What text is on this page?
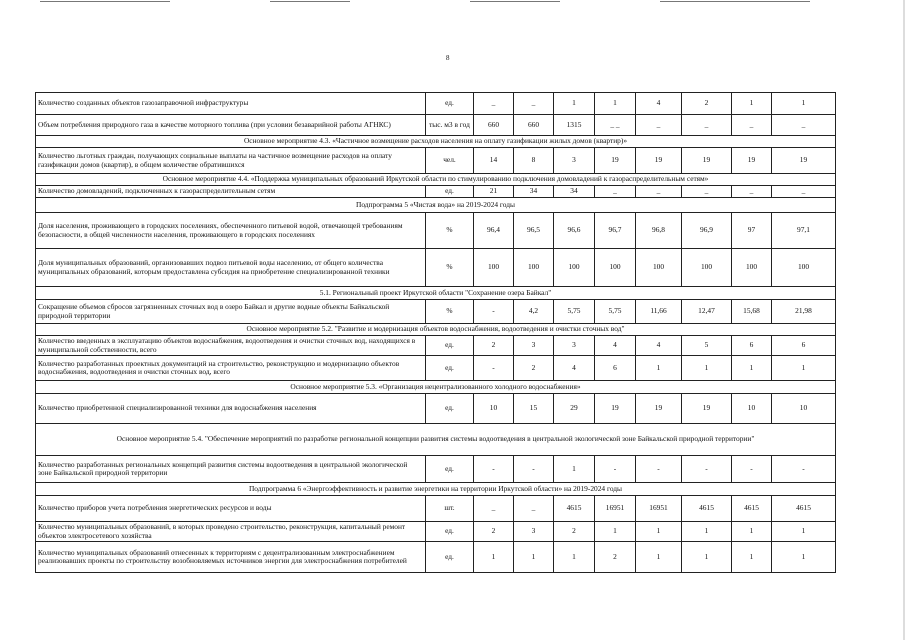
8
Количество созданных объектов газозаправочной инфраструктуры	ед.	_	_	1	1	4	2	1	1
Объем потребления природного газа в качестве моторного топлива (при условии безаварийной работы АГНКС)	тыс. м3 в год	660	660	1315	_ _	_	_	_	_
Основное мероприятие 4.3. «Частичное возмещение расходов населения на оплату газификации жилых домов (квартир)»									
Количество льготных граждан, получающих социальные выплаты на частичное возмещение расходов на оплату газификации домов (квартир), в общем количестве обратившихся	чел.	14	8	3	19	19	19	19	19
Основное мероприятие 4.4. «Поддержка муниципальных образований Иркутской области по стимулированию подключения домовладений к газораспределительным сетям»									
Количество домовладений, подключенных к газораспределительным сетям	ед.	21	34	34	_	_	_	_	_
Подпрограмма 5 «Чистая вода» на 2019-2024 годы									
Доля населения, проживающего в городских поселениях, обеспеченного питьевой водой, отвечающей требованиям безопасности, в общей численности населения, проживающего в городских поселениях	%	96,4	96,5	96,6	96,7	96,8	96,9	97	97,1
Доля муниципальных образований, организовавших подвоз питьевой воды населению, от общего количества муниципальных образований, которым предоставлена субсидия на приобретение специализированной техники	%	100	100	100	100	100	100	100	100
5.1. Региональный проект Иркутской области "Сохранение озера Байкал"									
Сокращение объемов сбросов загрязненных сточных вод в озеро Байкал и другие водные объекты Байкальской природной территории	%	-	4,2	5,75	5,75	11,66	12,47	15,68	21,98
Основное мероприятие 5.2. "Развитие и модернизация объектов водоснабжения, водоотведения и очистки сточных вод"									
Количество введенных в эксплуатацию объектов водоснабжения, водоотведения и очистки сточных вод, находящихся в муниципальной собственности, всего	ед.	2	3	3	4	4	5	6	6
Количество разработанных проектных документаций на строительство, реконструкцию и модернизацию объектов водоснабжения, водоотведения и очистки сточных вод, всего	ед.	-	2	4	6	1	1	1	1
Основное мероприятие 5.3. «Организация нецентрализованного холодного водоснабжения»									
Количество приобретенной специализированной техники для водоснабжения населения	ед.	10	15	29	19	19	19	10	10
Основное мероприятие 5.4. "Обеспечение мероприятий по разработке региональной концепции развития системы водоотведения в центральной экологической зоне Байкальской природной территории"									
Количество разработанных региональных концепций развития системы водоотведения в центральной экологической зоне Байкальской природной территории	ед.	-	-	1	-	-	-	-	-
Подпрограмма 6 «Энергоэффективность и развитие энергетики на территории Иркутской области» на 2019-2024 годы									
Количество приборов учета потребления энергетических ресурсов и воды	шт.	_	_	4615	16951	16951	4615	4615	4615
Количество муниципальных образований, в которых проведено строительство, реконструкция, капитальный ремонт объектов электросетевого хозяйства	ед.	2	3	2	1	1	1	1	1
Количество муниципальных образований отнесенных к территориям с децентрализованным электроснабжением реализовавших проекты по строительству возобновляемых источников энергии для электроснабжения потребителей	ед.	1	1	1	2	1	1	1	1
